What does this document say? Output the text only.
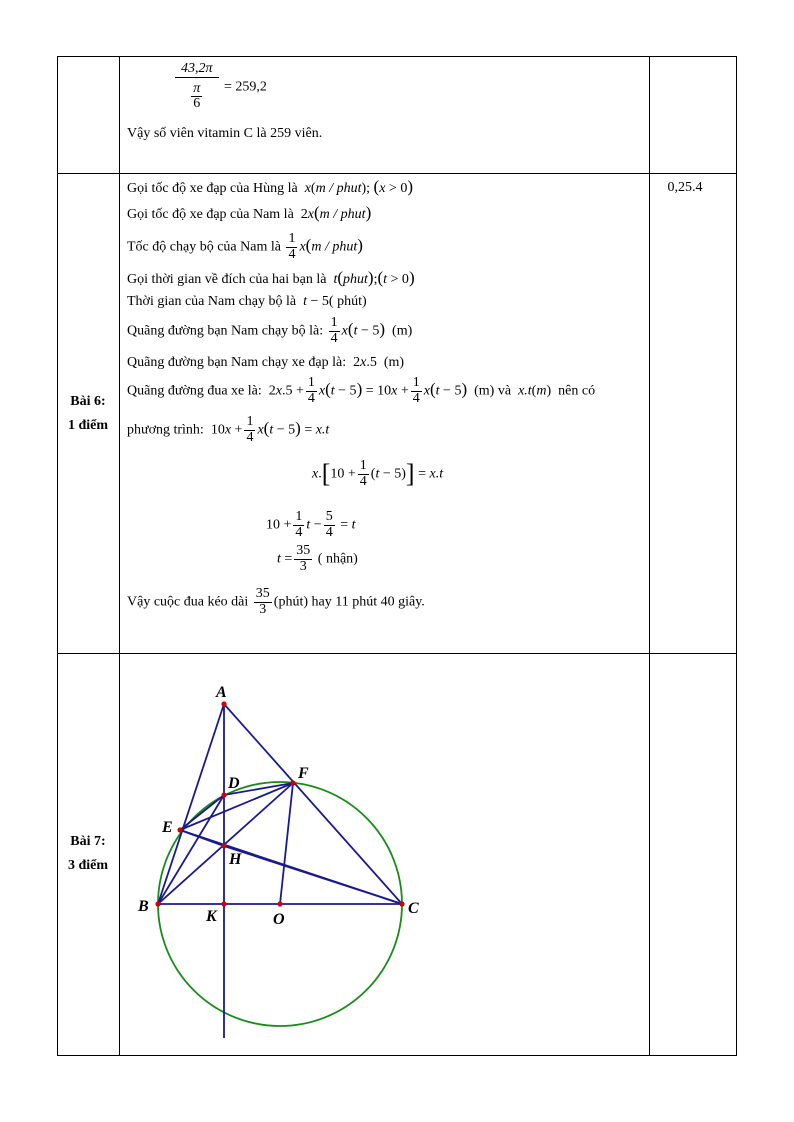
$\frac{43,2\pi}{\frac{\pi}{6}} = 259,2$
Vậy số viên vitamin C là 259 viên.
Bài 6:
1 điểm
0,25.4
Gọi tốc độ xe đạp của Hùng là  x(m / phut); (x > 0)
Gọi tốc độ xe đạp của Nam là  2x(m / phut)
Tốc độ chạy bộ của Nam là $\frac{1}{4} x(m$ / phut)
Gọi thời gian về đích của hai bạn là  t(phut);(t > 0)
Thời gian của Nam chạy bộ là  t − 5( phút)
Quãng đường bạn Nam chạy bộ là: $\frac{1}{4} x(t - 5)$ (m)
Quãng đường bạn Nam chạy xe đạp là:  2x.5  (m)
Quãng đường đua xe là:  $2x.5 + \frac{1}{4} x(t - 5) = 10x + \frac{1}{4} x(t - 5)$ (m) và  x.t(m)  nên có
phương trình:  $10x + \frac{1}{4} x(t - 5) = x.t$
$x.[10 + \frac{1}{4} (t - 5)] = x.t$
$10 + \frac{1}{4}$ $t - \frac{5}{4} = t$
$t = \frac{35}{3}$ ( nhận)
Vậy cuộc đua kéo dài $\frac{35}{3}$ (phút) hay 11 phút 40 giây.
Bài 7:
3 điểm
A
D
F
E
H
B
K	O
C
